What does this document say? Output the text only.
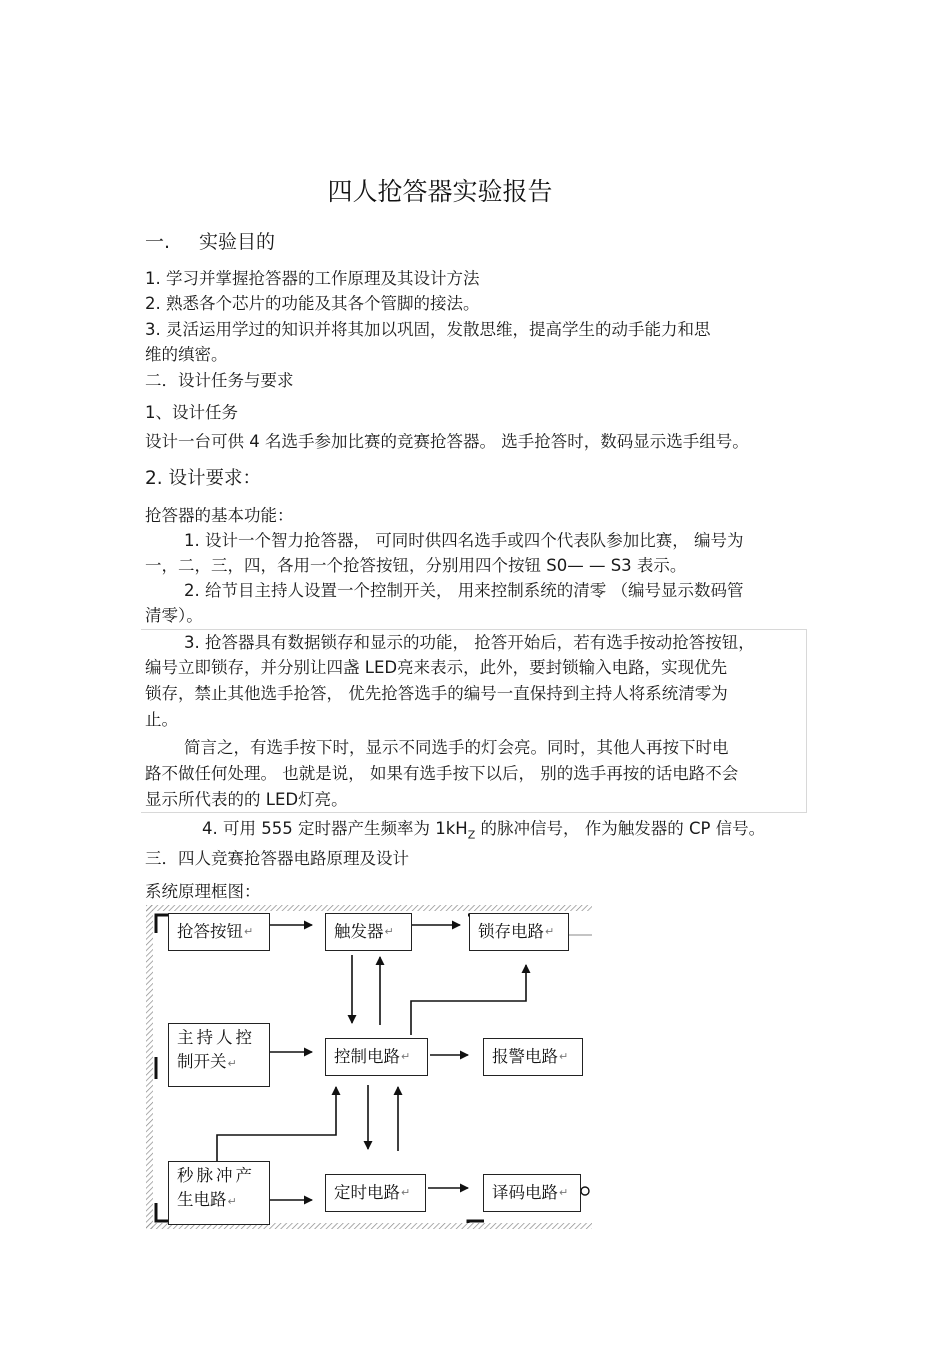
四人抢答器实验报告
一. 实验目的
1. 学习并掌握抢答器的工作原理及其设计方法
2. 熟悉各个芯片的功能及其各个管脚的接法。
3. 灵活运用学过的知识并将其加以巩固，发散思维，提高学生的动手能力和思
维的缜密。
二．设计任务与要求
1、设计任务
设计一台可供 4 名选手参加比赛的竞赛抢答器。 选手抢答时，数码显示选手组号。
2. 设计要求：
抢答器的基本功能：
1. 设计一个智力抢答器， 可同时供四名选手或四个代表队参加比赛， 编号为
一，二，三，四，各用一个抢答按钮，分别用四个按钮 S0— — S3 表示。
2. 给节目主持人设置一个控制开关， 用来控制系统的清零 （编号显示数码管
清零）。
3. 抢答器具有数据锁存和显示的功能， 抢答开始后，若有选手按动抢答按钮，
编号立即锁存，并分别让四盏 LED亮来表示，此外，要封锁输入电路，实现优先
锁存，禁止其他选手抢答， 优先抢答选手的编号一直保持到主持人将系统清零为
止。
简言之，有选手按下时，显示不同选手的灯会亮。同时，其他人再按下时电
路不做任何处理。 也就是说， 如果有选手按下以后， 别的选手再按的话电路不会
显示所代表的的 LED灯亮。
4. 可用 555 定时器产生频率为 $1kH_Z$ 的脉冲信号， 作为触发器的 CP 信号。
三．四人竞赛抢答器电路原理及设计
系统原理框图：
抢答按钮 ↵	触发器 ↵	锁存电路 ↵
主持人控
制开关↵	控制电路 ↵	报警电路 ↵
秒脉冲产
生电路↵	定时电路 ↵	译码电路 ↵
